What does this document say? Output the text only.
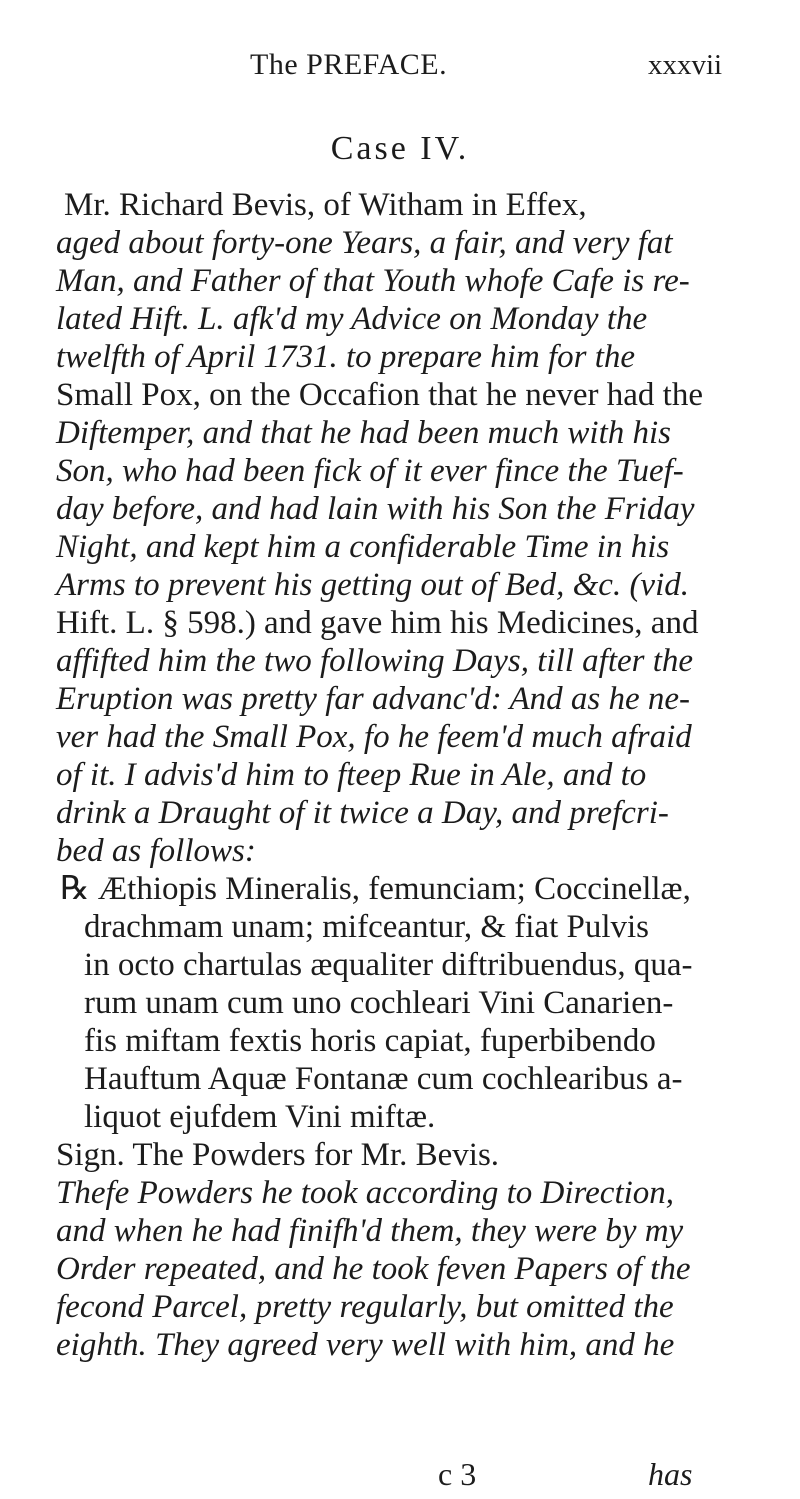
The PREFACE.	xxxvii
Case IV.
Mr. Richard Bevis, of Witham in Effex,
aged about forty-one Years, a fair, and very fat
Man, and Father of that Youth whofe Cafe is re-
lated Hift. L. afk'd my Advice on Monday the
twelfth of April 1731. to prepare him for the
Small Pox, on the Occafion that he never had the
Diftemper, and that he had been much with his
Son, who had been fick of it ever fince the Tuef-
day before, and had lain with his Son the Friday
Night, and kept him a confiderable Time in his
Arms to prevent his getting out of Bed, &c. (vid.
Hift. L. § 598.) and gave him his Medicines, and
affifted him the two following Days, till after the
Eruption was pretty far advanc'd: And as he ne-
ver had the Small Pox, fo he feem'd much afraid
of it. I advis'd him to fteep Rue in Ale, and to
drink a Draught of it twice a Day, and prefcri-
bed as follows:
℞ Æthiopis Mineralis, femunciam; Coccinellæ,
drachmam unam; mifceantur, & fiat Pulvis
in octo chartulas æqualiter diftribuendus, qua-
rum unam cum uno cochleari Vini Canarien-
fis miftam fextis horis capiat, fuperbibendo
Hauftum Aquæ Fontanæ cum cochlearibus a-
liquot ejufdem Vini miftæ.
Sign. The Powders for Mr. Bevis.
Thefe Powders he took according to Direction,
and when he had finifh'd them, they were by my
Order repeated, and he took feven Papers of the
fecond Parcel, pretty regularly, but omitted the
eighth. They agreed very well with him, and he
c 3	has
